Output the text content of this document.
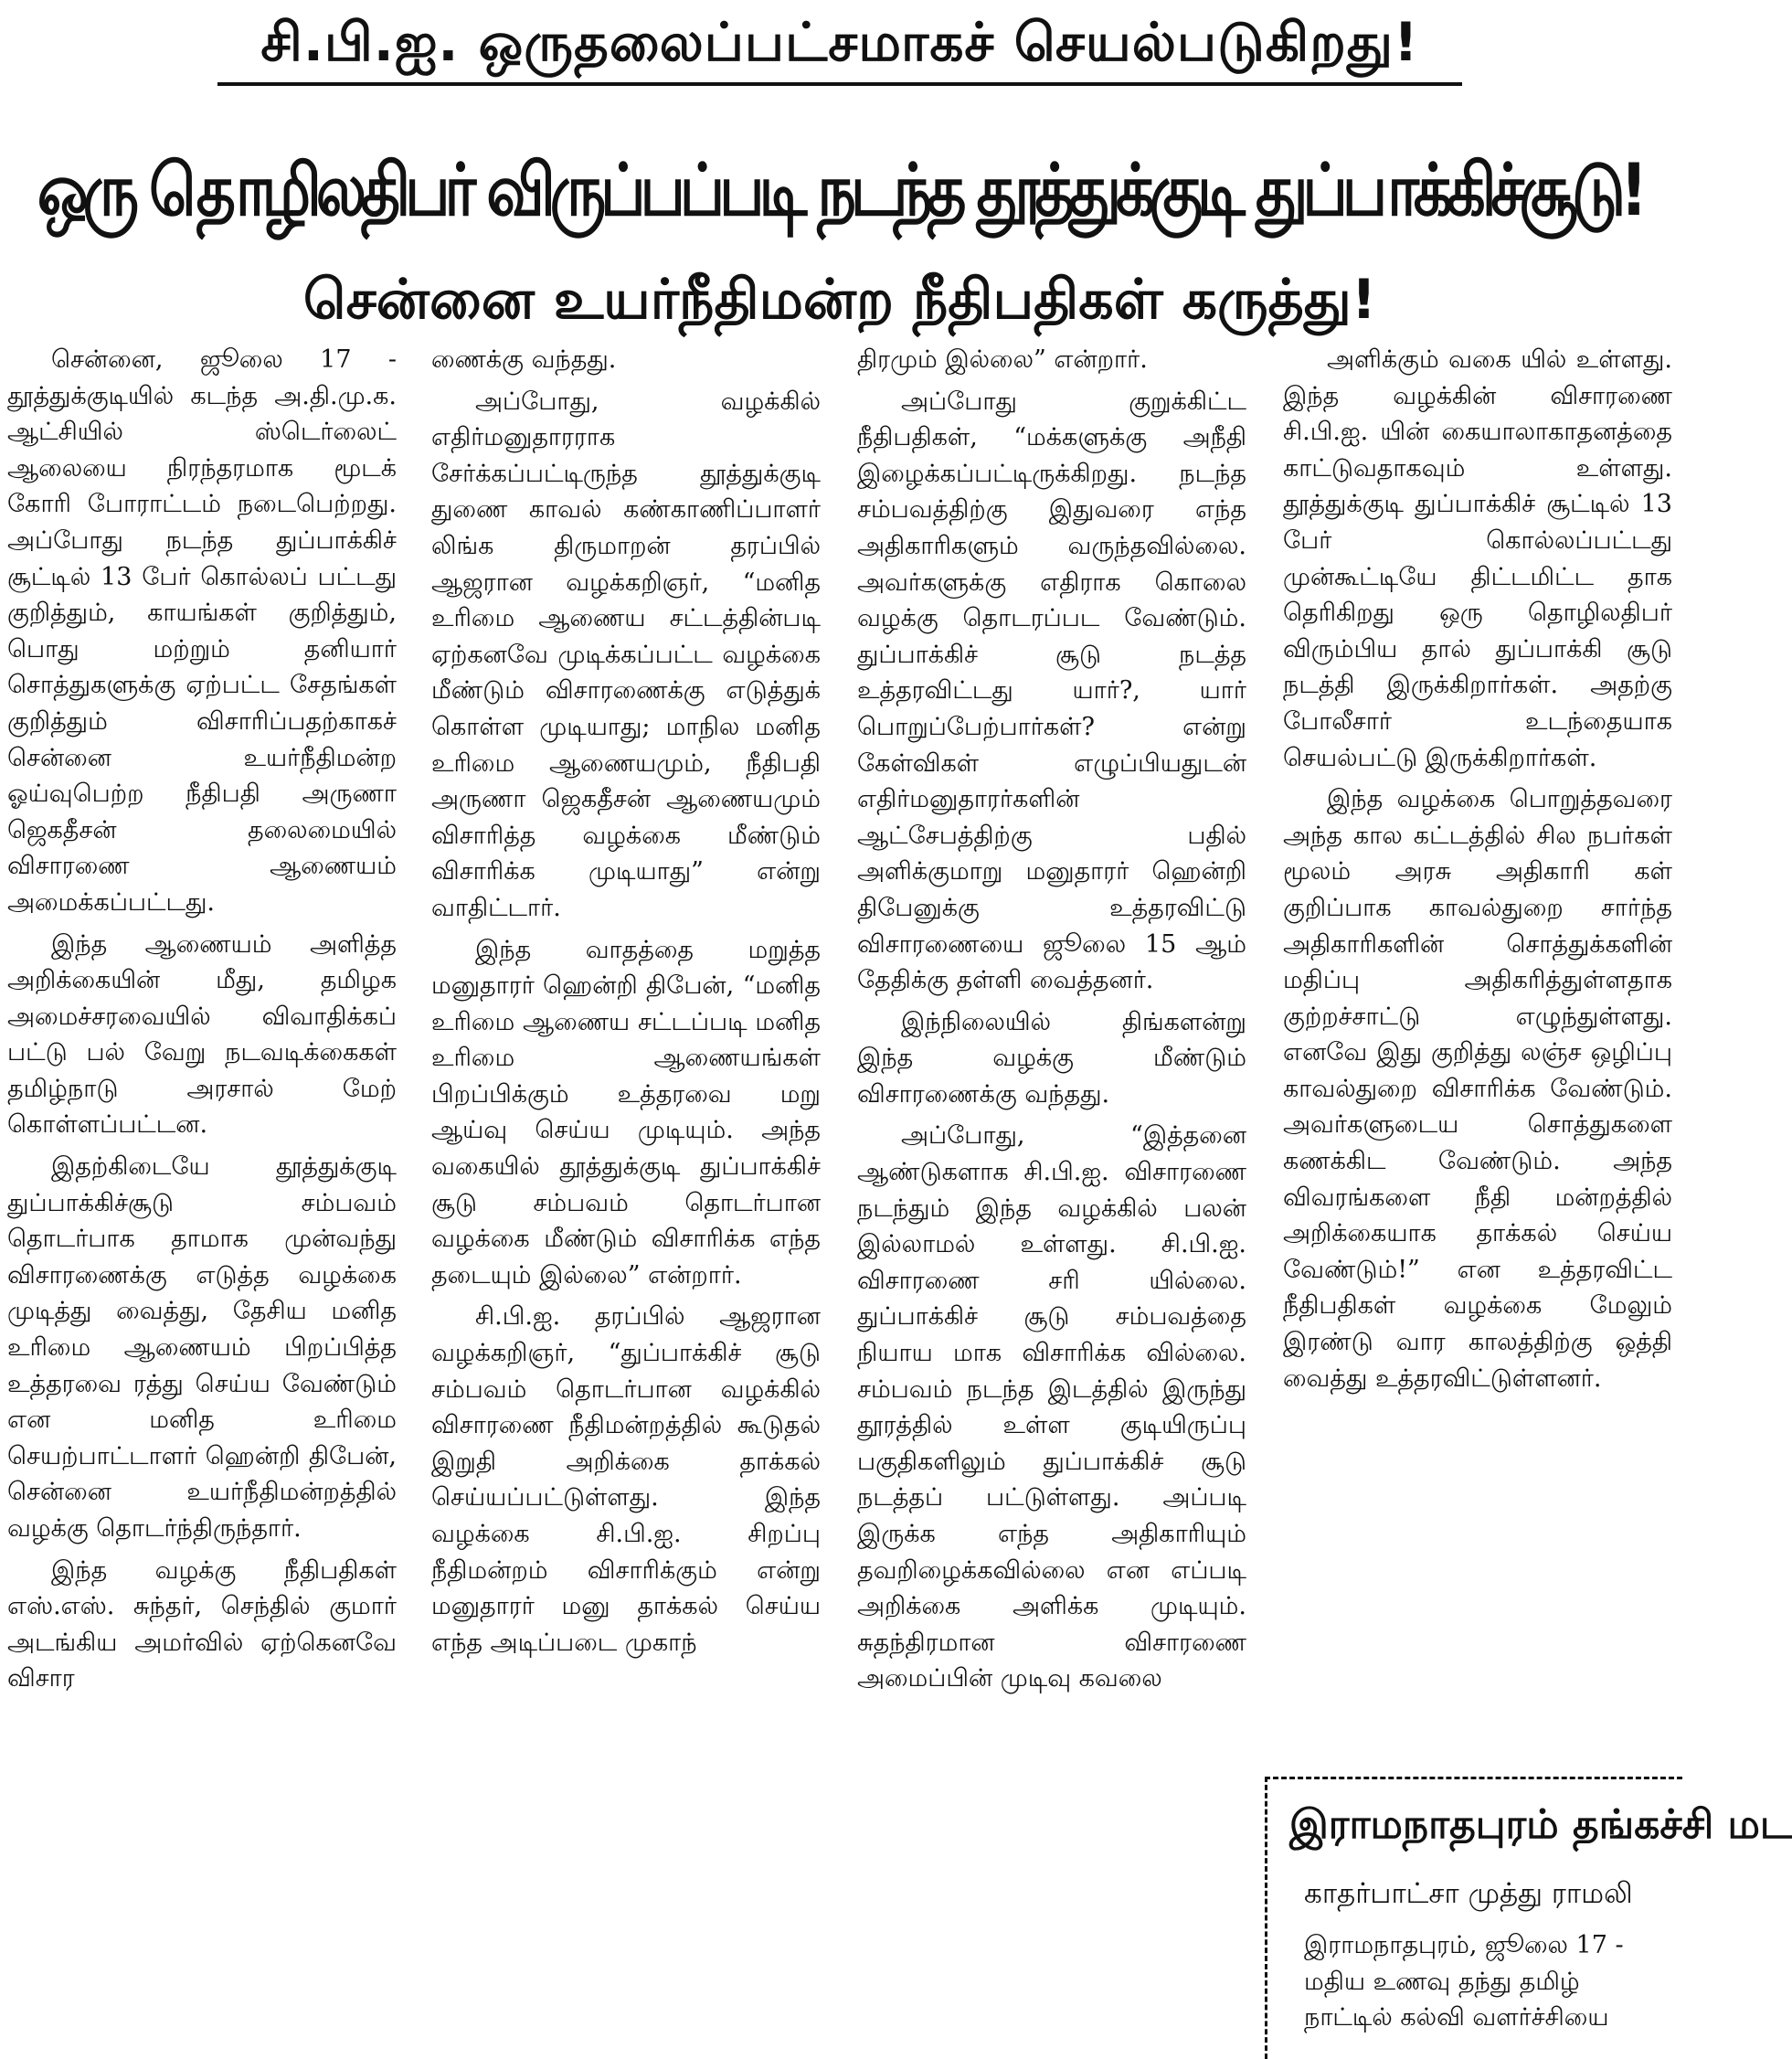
சி.பி.ஐ. ஒருதலைப்பட்சமாகச் செயல்படுகிறது!
ஒரு தொழிலதிபர் விருப்பப்படி நடந்த தூத்துக்குடி துப்பாக்கிச்சூடு!
சென்னை உயர்நீதிமன்ற நீதிபதிகள் கருத்து!

சென்னை, ஜூலை 17 - தூத்துக்குடியில் கடந்த அ.தி.மு.க. ஆட்சியில் ஸ்டெர்லைட் ஆலையை நிரந்தரமாக மூடக் கோரி போராட்டம் நடைபெற்றது. அப்போது நடந்த துப்பாக்கிச் சூட்டில் 13 பேர் கொல்லப் பட்டது குறித்தும், காயங்கள் குறித்தும், பொது மற்றும் தனியார் சொத்துகளுக்கு ஏற்பட்ட சேதங்கள் குறித்தும் விசாரிப்பதற்காகச் சென்னை உயர்நீதிமன்ற ஓய்வுபெற்ற நீதிபதி அருணா ஜெகதீசன் தலைமையில் விசாரணை ஆணையம் அமைக்கப்பட்டது.

இந்த ஆணையம் அளித்த அறிக்கையின் மீது, தமிழக அமைச்சரவையில் விவாதிக்கப் பட்டு பல் வேறு நடவடிக்கைகள் தமிழ்நாடு அரசால் மேற் கொள்ளப்பட்டன.

இதற்கிடையே தூத்துக்குடி துப்பாக்கிச்சூடு சம்பவம் தொடர்பாக தாமாக முன்வந்து விசாரணைக்கு எடுத்த வழக்கை முடித்து வைத்து, தேசிய மனித உரிமை ஆணையம் பிறப்பித்த உத்தரவை ரத்து செய்ய வேண்டும் என மனித உரிமை செயற்பாட்டாளர் ஹென்றி திபேன், சென்னை உயர்நீதிமன்றத்தில் வழக்கு தொடர்ந்திருந்தார்.

இந்த வழக்கு நீதிபதிகள் எஸ்.எஸ். சுந்தர், செந்தில் குமார் அடங்கிய அமர்வில் ஏற்கெனவே விசார

ணைக்கு வந்தது.

அப்போது, வழக்கில் எதிர்மனுதாரராக சேர்க்கப்பட்டிருந்த தூத்துக்குடி துணை காவல் கண்காணிப்பாளர் லிங்க திருமாறன் தரப்பில் ஆஜரான வழக்கறிஞர், “மனித உரிமை ஆணைய சட்டத்தின்படி ஏற்கனவே முடிக்கப்பட்ட வழக்கை மீண்டும் விசாரணைக்கு எடுத்துக் கொள்ள முடியாது; மாநில மனித உரிமை ஆணையமும், நீதிபதி அருணா ஜெகதீசன் ஆணையமும் விசாரித்த வழக்கை மீண்டும் விசாரிக்க முடியாது” என்று வாதிட்டார்.

இந்த வாதத்தை மறுத்த மனுதாரர் ஹென்றி திபேன், “மனித உரிமை ஆணைய சட்டப்படி மனித உரிமை ஆணையங்கள் பிறப்பிக்கும் உத்தரவை மறு ஆய்வு செய்ய முடியும். அந்த வகையில் தூத்துக்குடி துப்பாக்கிச் சூடு சம்பவம் தொடர்பான வழக்கை மீண்டும் விசாரிக்க எந்த தடையும் இல்லை” என்றார்.

சி.பி.ஐ. தரப்பில் ஆஜரான வழக்கறிஞர், “துப்பாக்கிச் சூடு சம்பவம் தொடர்பான வழக்கில் விசாரணை நீதிமன்றத்தில் கூடுதல் இறுதி அறிக்கை தாக்கல் செய்யப்பட்டுள்ளது. இந்த வழக்கை சி.பி.ஐ. சிறப்பு நீதிமன்றம் விசாரிக்கும் என்று மனுதாரர் மனு தாக்கல் செய்ய எந்த அடிப்படை முகாந்

திரமும் இல்லை” என்றார்.

அப்போது குறுக்கிட்ட நீதிபதிகள், “மக்களுக்கு அநீதி இழைக்கப்பட்டிருக்கிறது. நடந்த சம்பவத்திற்கு இதுவரை எந்த அதிகாரிகளும் வருந்தவில்லை. அவர்களுக்கு எதிராக கொலை வழக்கு தொடரப்பட வேண்டும். துப்பாக்கிச் சூடு நடத்த உத்தரவிட்டது யார்?, யார் பொறுப்பேற்பார்கள்? என்று கேள்விகள் எழுப்பியதுடன் எதிர்மனுதாரர்களின் ஆட்சேபத்திற்கு பதில் அளிக்குமாறு மனுதாரர் ஹென்றி திபேனுக்கு உத்தரவிட்டு விசாரணையை ஜூலை 15 ஆம் தேதிக்கு தள்ளி வைத்தனர்.

இந்நிலையில் திங்களன்று இந்த வழக்கு மீண்டும் விசாரணைக்கு வந்தது.

அப்போது, “இத்தனை ஆண்டுகளாக சி.பி.ஐ. விசாரணை நடந்தும் இந்த வழக்கில் பலன் இல்லாமல் உள்ளது. சி.பி.ஐ. விசாரணை சரி யில்லை. துப்பாக்கிச் சூடு சம்பவத்தை நியாய மாக விசாரிக்க வில்லை. சம்பவம் நடந்த இடத்தில் இருந்து தூரத்தில் உள்ள குடியிருப்பு பகுதிகளிலும் துப்பாக்கிச் சூடு நடத்தப் பட்டுள்ளது. அப்படி இருக்க எந்த அதிகாரியும் தவறிழைக்கவில்லை என எப்படி அறிக்கை அளிக்க முடியும். சுதந்திரமான விசாரணை அமைப்பின் முடிவு கவலை

அளிக்கும் வகை யில் உள்ளது. இந்த வழக்கின் விசாரணை சி.பி.ஐ. யின் கையாலாகாதனத்தை காட்டுவதாகவும் உள்ளது. தூத்துக்குடி துப்பாக்கிச் சூட்டில் 13 பேர் கொல்லப்பட்டது முன்கூட்டியே திட்டமிட்ட தாக தெரிகிறது ஒரு தொழிலதிபர் விரும்பிய தால் துப்பாக்கி சூடு நடத்தி இருக்கிறார்கள். அதற்கு போலீசார் உடந்தையாக செயல்பட்டு இருக்கிறார்கள்.

இந்த வழக்கை பொறுத்தவரை அந்த கால கட்டத்தில் சில நபர்கள் மூலம் அரசு அதிகாரி கள் குறிப்பாக காவல்துறை சார்ந்த அதிகாரிகளின் சொத்துக்களின் மதிப்பு அதிகரித்துள்ளதாக குற்றச்சாட்டு எழுந்துள்ளது. எனவே இது குறித்து லஞ்ச ஒழிப்பு காவல்துறை விசாரிக்க வேண்டும். அவர்களுடைய சொத்துகளை கணக்கிட வேண்டும். அந்த விவரங்களை நீதி மன்றத்தில் அறிக்கையாக தாக்கல் செய்ய வேண்டும்!” என உத்தரவிட்ட நீதிபதிகள் வழக்கை மேலும் இரண்டு வார காலத்திற்கு ஒத்தி வைத்து உத்தரவிட்டுள்ளனர்.

இராமநாதபுரம் தங்கச்சி மட
காதர்பாட்சா முத்து ராமலி
இராமநாதபுரம், ஜூலை 17 -
மதிய உணவு தந்து தமிழ்
நாட்டில் கல்வி வளர்ச்சியை
